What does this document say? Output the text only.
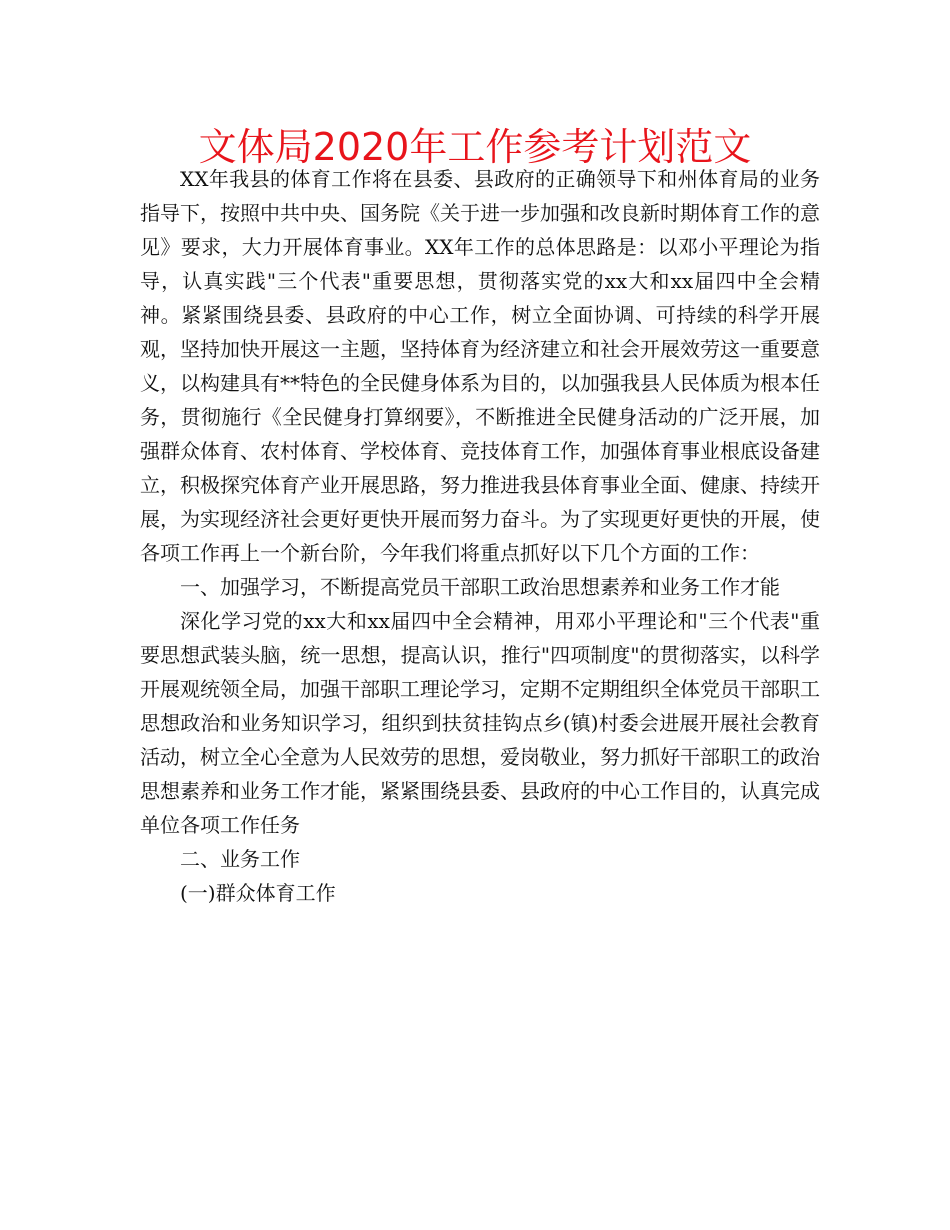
文体局2020年工作参考计划范文

XX年我县的体育工作将在县委、县政府的正确领导下和州体育局的业务指导下，按照中共中央、国务院《关于进一步加强和改良新时期体育工作的意见》要求，大力开展体育事业。XX年工作的总体思路是：以邓小平理论为指导，认真实践"三个代表"重要思想，贯彻落实党的xx大和xx届四中全会精神。紧紧围绕县委、县政府的中心工作，树立全面协调、可持续的科学开展观，坚持加快开展这一主题，坚持体育为经济建立和社会开展效劳这一重要意义，以构建具有**特色的全民健身体系为目的，以加强我县人民体质为根本任务，贯彻施行《全民健身打算纲要》，不断推进全民健身活动的广泛开展，加强群众体育、农村体育、学校体育、竞技体育工作，加强体育事业根底设备建立，积极探究体育产业开展思路，努力推进我县体育事业全面、健康、持续开展，为实现经济社会更好更快开展而努力奋斗。为了实现更好更快的开展，使各项工作再上一个新台阶，今年我们将重点抓好以下几个方面的工作：

一、加强学习，不断提高党员干部职工政治思想素养和业务工作才能

深化学习党的xx大和xx届四中全会精神，用邓小平理论和"三个代表"重要思想武装头脑，统一思想，提高认识，推行"四项制度"的贯彻落实，以科学开展观统领全局，加强干部职工理论学习，定期不定期组织全体党员干部职工思想政治和业务知识学习，组织到扶贫挂钩点乡(镇)村委会进展开展社会教育活动，树立全心全意为人民效劳的思想，爱岗敬业，努力抓好干部职工的政治思想素养和业务工作才能，紧紧围绕县委、县政府的中心工作目的，认真完成单位各项工作任务

二、业务工作

(一)群众体育工作
